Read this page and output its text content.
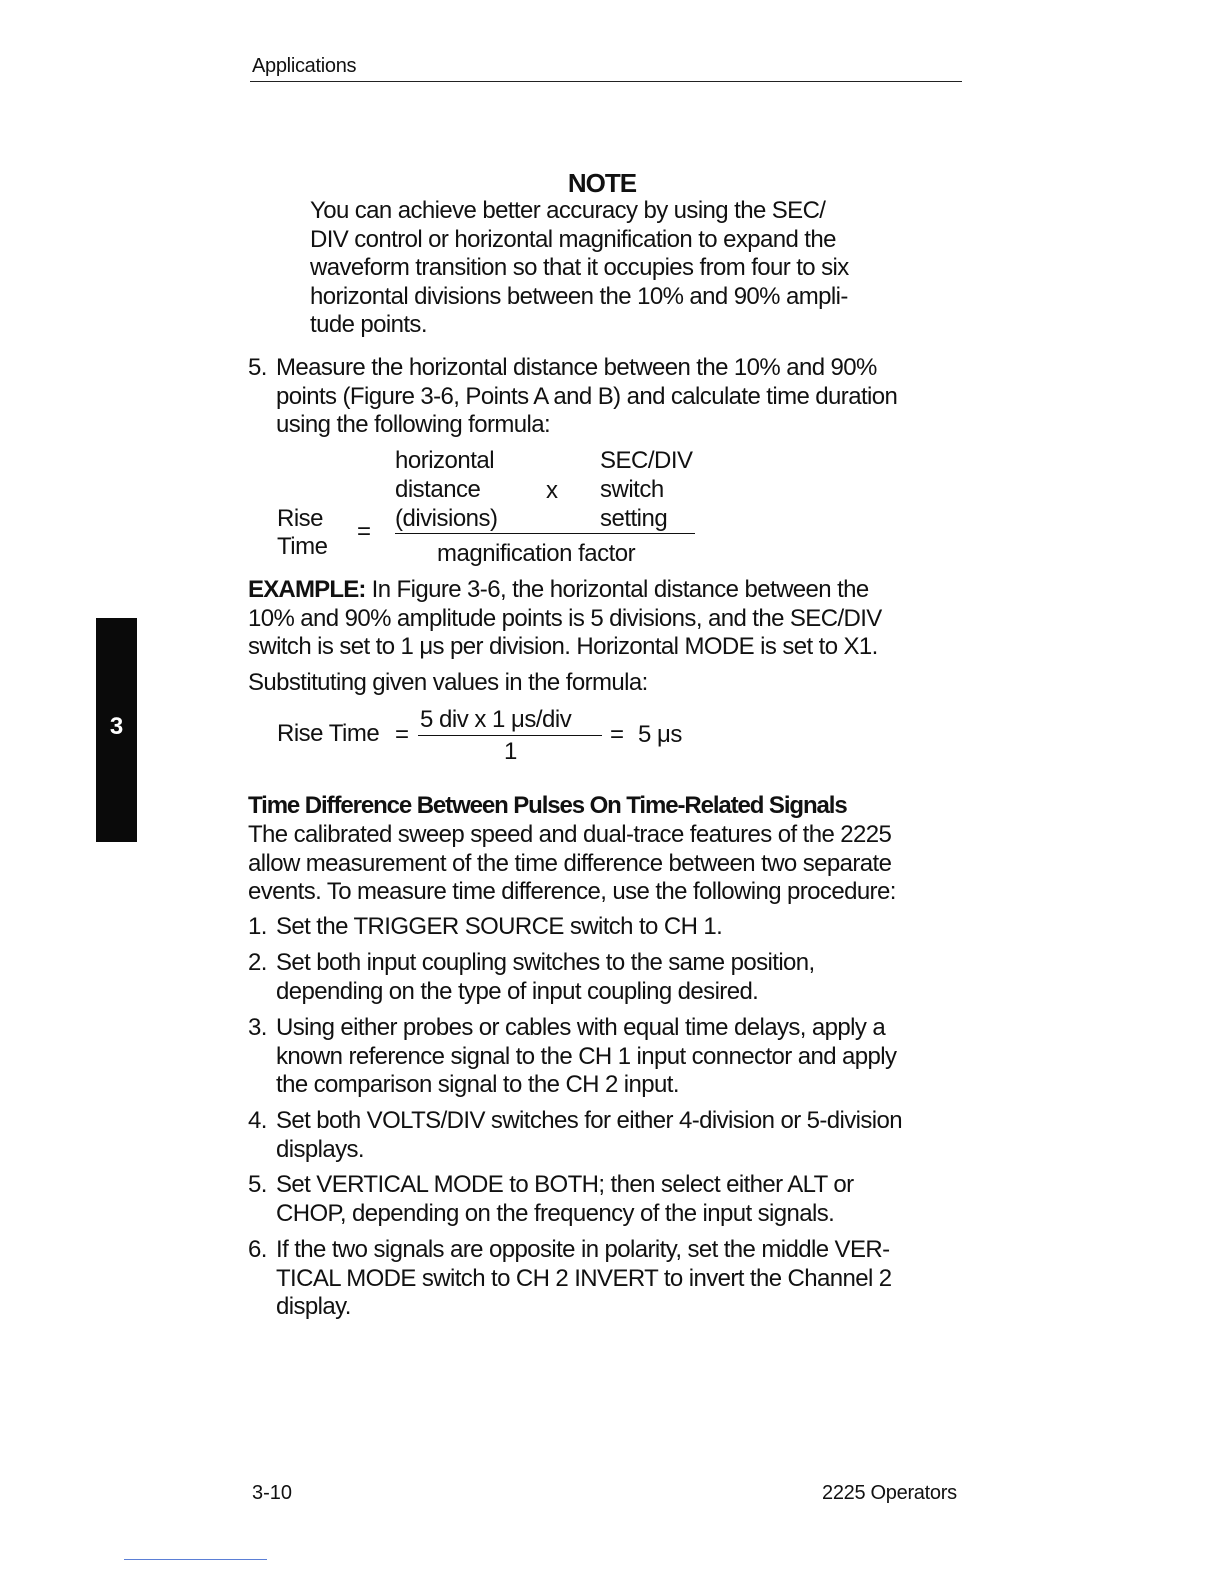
Applications
NOTE
You can achieve better accuracy by using the SEC/
DIV control or horizontal magnification to expand the
waveform transition so that it occupies from four to six
horizontal divisions between the 10% and 90% ampli-
tude points.
5. Measure the horizontal distance between the 10% and 90%
points (Figure 3-6, Points A and B) and calculate time duration
using the following formula:
horizontal
distance
(divisions)
x
SEC/DIV
switch
setting
Rise
Time
=
magnification factor
EXAMPLE: In Figure 3-6, the horizontal distance between the
10% and 90% amplitude points is 5 divisions, and the SEC/DIV
switch is set to 1 μs per division. Horizontal MODE is set to X1.
Substituting given values in the formula:
Rise Time =
5 div x 1 μs/div
1
= 5 μs
Time Difference Between Pulses On Time-Related Signals
The calibrated sweep speed and dual-trace features of the 2225
allow measurement of the time difference between two separate
events. To measure time difference, use the following procedure:
1. Set the TRIGGER SOURCE switch to CH 1.
2. Set both input coupling switches to the same position,
depending on the type of input coupling desired.
3. Using either probes or cables with equal time delays, apply a
known reference signal to the CH 1 input connector and apply
the comparison signal to the CH 2 input.
4. Set both VOLTS/DIV switches for either 4-division or 5-division
displays.
5. Set VERTICAL MODE to BOTH; then select either ALT or
CHOP, depending on the frequency of the input signals.
6. If the two signals are opposite in polarity, set the middle VER-
TICAL MODE switch to CH 2 INVERT to invert the Channel 2
display.
3
3-10	2225 Operators
